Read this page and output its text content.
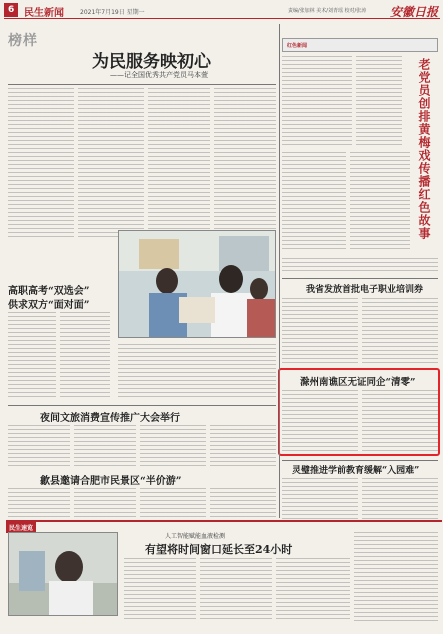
6 民生新闻	2021年7月19日 星期一	责编/张加林 美术/刘青瑶 校对/张涛 安徽日报
榜样
为民服务映初心
——记全国优秀共产党员马本萱
高职高考“双选会”
供求双方“面对面”
夜间文旅消费宣传推广大会举行
歙县邀请合肥市民景区“半价游”
民生速览
人工智能赋能血液检测
有望将时间窗口延长至24小时
红色新闻
老党员创排黄梅戏传播红色故事
我省发放首批电子职业培训券
滁州南谯区无证同企“清零”
灵璧推进学前教育缓解“入园难”
